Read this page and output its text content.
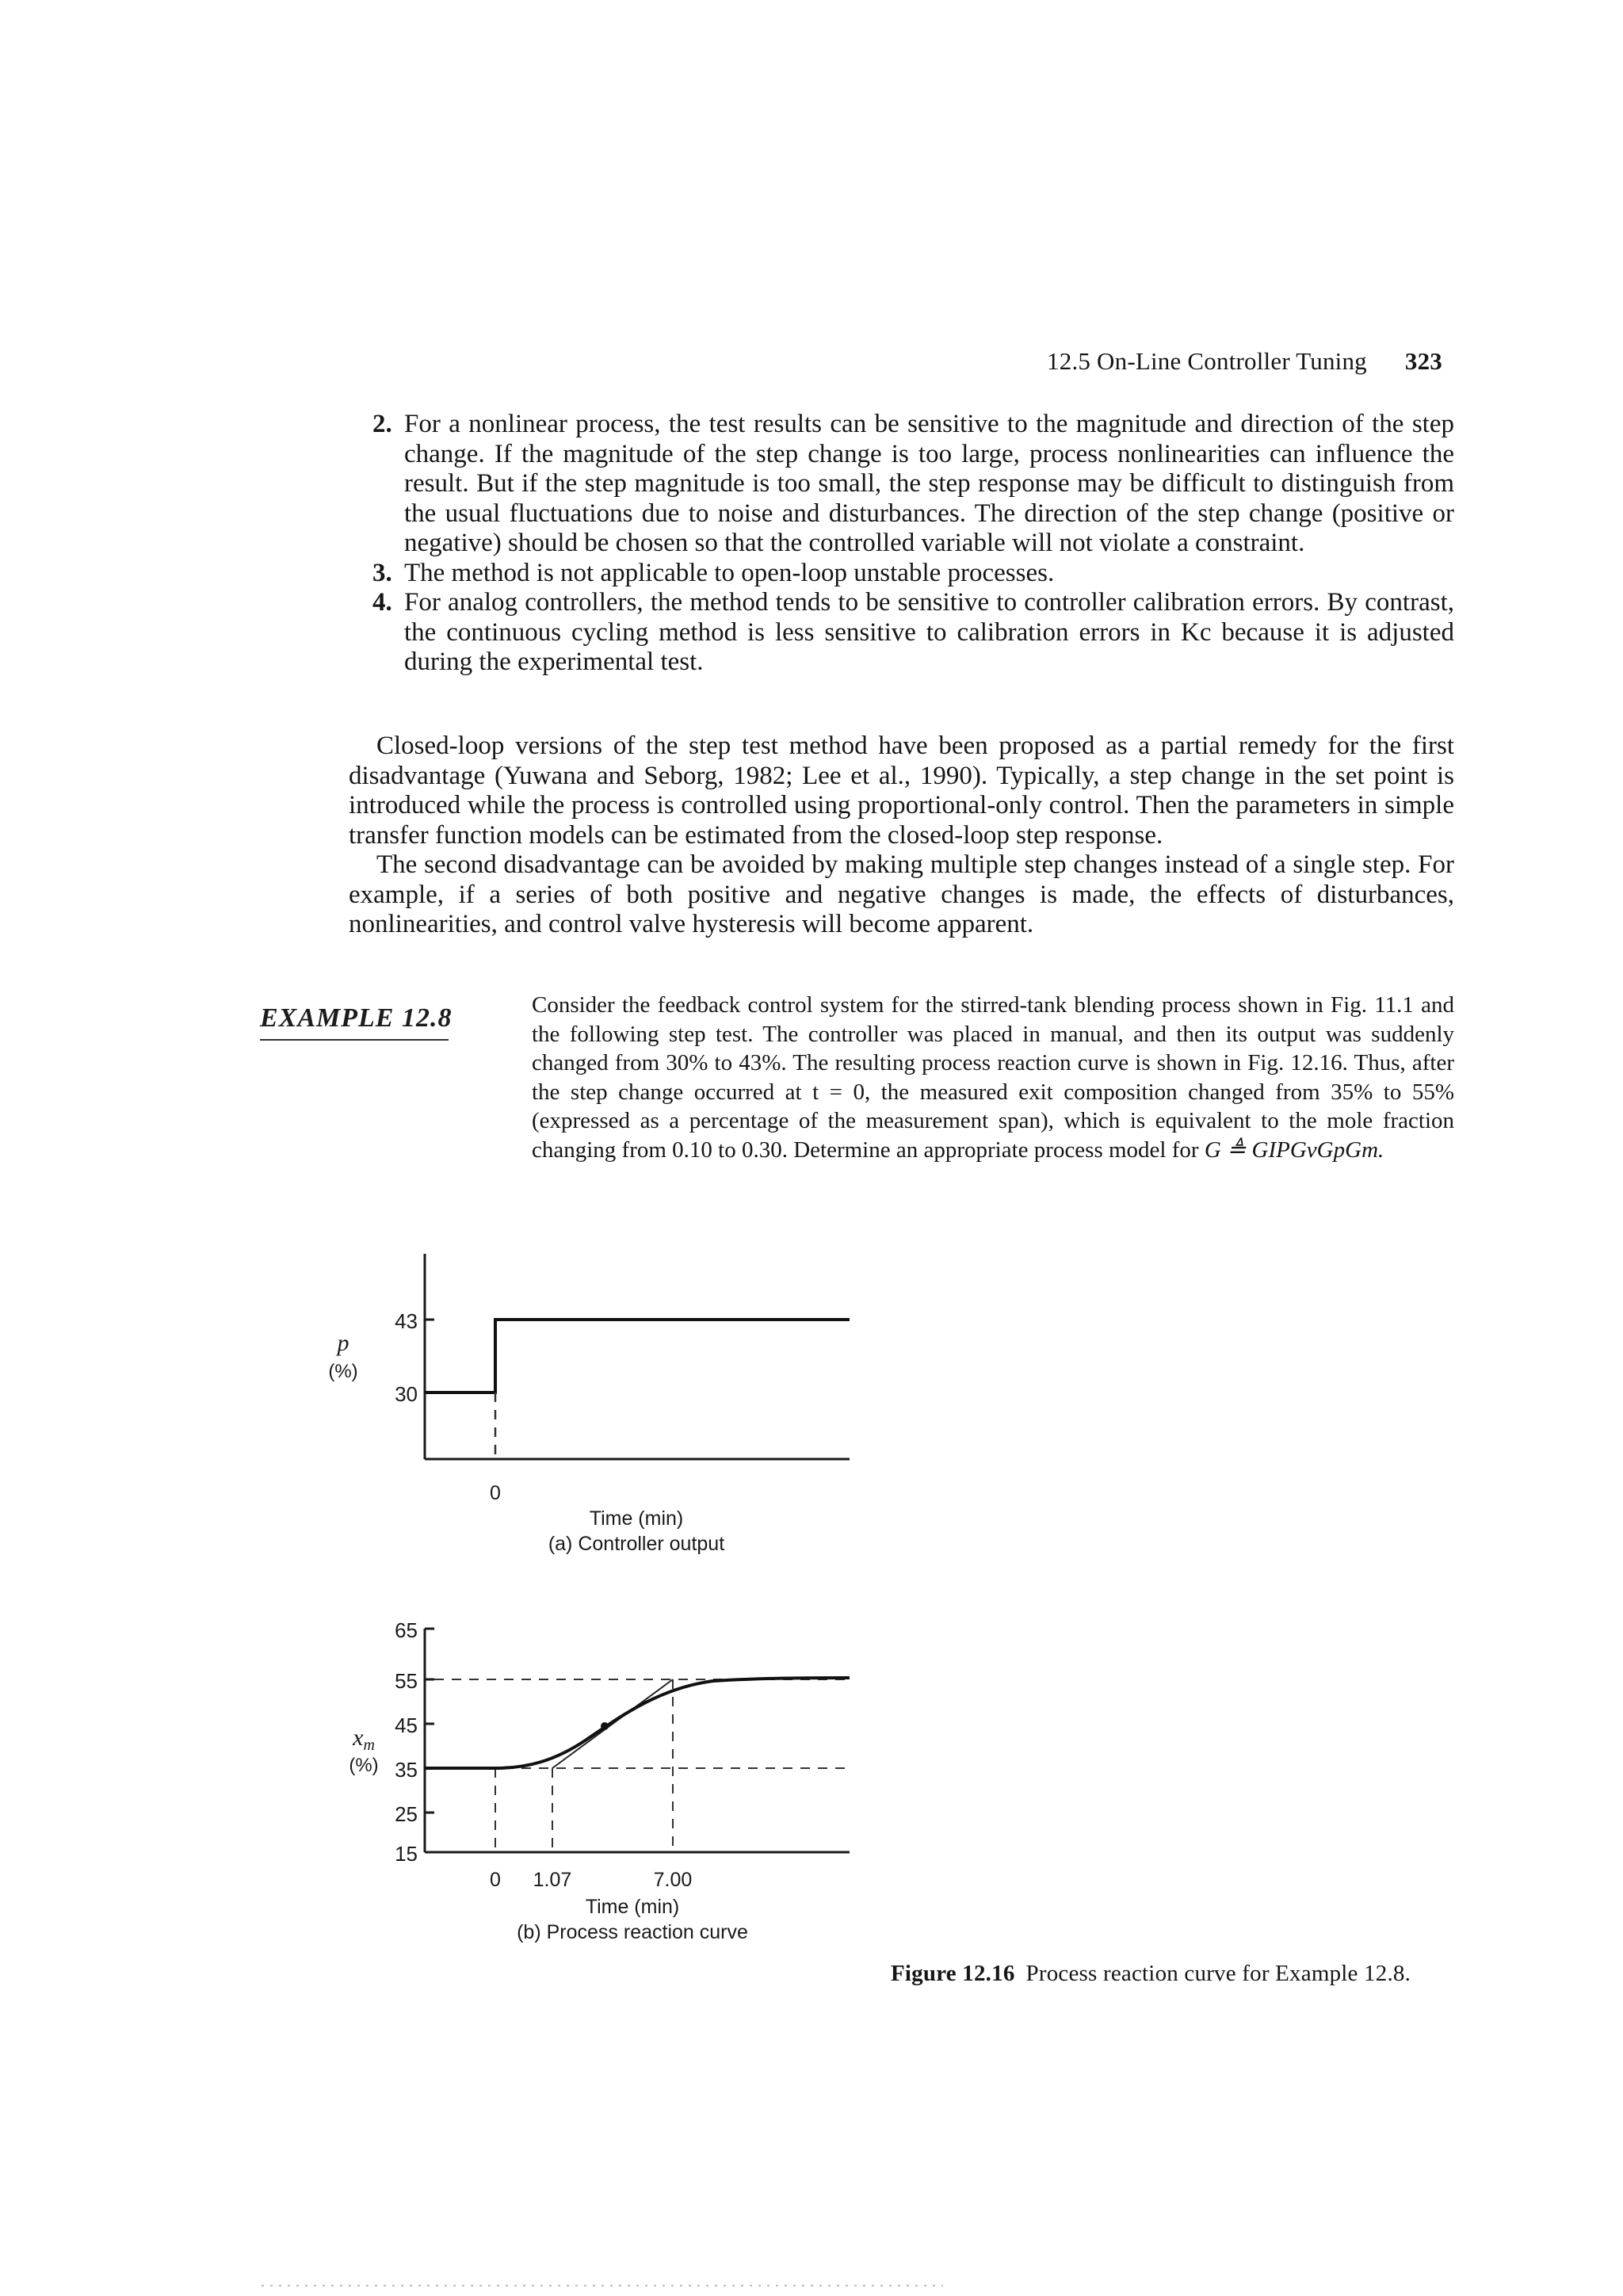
12.5 On-Line Controller Tuning 323
2. For a nonlinear process, the test results can be sensitive to the magnitude and direction of the step change. If the magnitude of the step change is too large, process nonlinearities can influence the result. But if the step magnitude is too small, the step response may be difficult to distinguish from the usual fluctuations due to noise and disturbances. The direction of the step change (positive or negative) should be chosen so that the controlled variable will not violate a constraint.
3. The method is not applicable to open-loop unstable processes.
4. For analog controllers, the method tends to be sensitive to controller calibration errors. By contrast, the continuous cycling method is less sensitive to calibration errors in Kc because it is adjusted during the experimental test.

Closed-loop versions of the step test method have been proposed as a partial remedy for the first disadvantage (Yuwana and Seborg, 1982; Lee et al., 1990). Typically, a step change in the set point is introduced while the process is controlled using proportional-only control. Then the parameters in simple transfer function models can be estimated from the closed-loop step response.

The second disadvantage can be avoided by making multiple step changes instead of a single step. For example, if a series of both positive and negative changes is made, the effects of disturbances, nonlinearities, and control valve hysteresis will become apparent.

EXAMPLE 12.8	Consider the feedback control system for the stirred-tank blending process shown in Fig. 11.1 and the following step test. The controller was placed in manual, and then its output was suddenly changed from 30% to 43%. The resulting process reaction curve is shown in Fig. 12.16. Thus, after the step change occurred at t = 0, the measured exit composition changed from 35% to 55% (expressed as a percentage of the measurement span), which is equivalent to the mole fraction changing from 0.10 to 0.30. Determine an appropriate process model for G ≜ GIPGvGpGm.
43
30
p
(%)
0
Time (min)
(a) Controller output
65
55
45
35
25
15
$x_m$
(%)
0 1.07	7.00
Time (min)
(b) Process reaction curve
Figure 12.16 Process reaction curve for Example 12.8.
